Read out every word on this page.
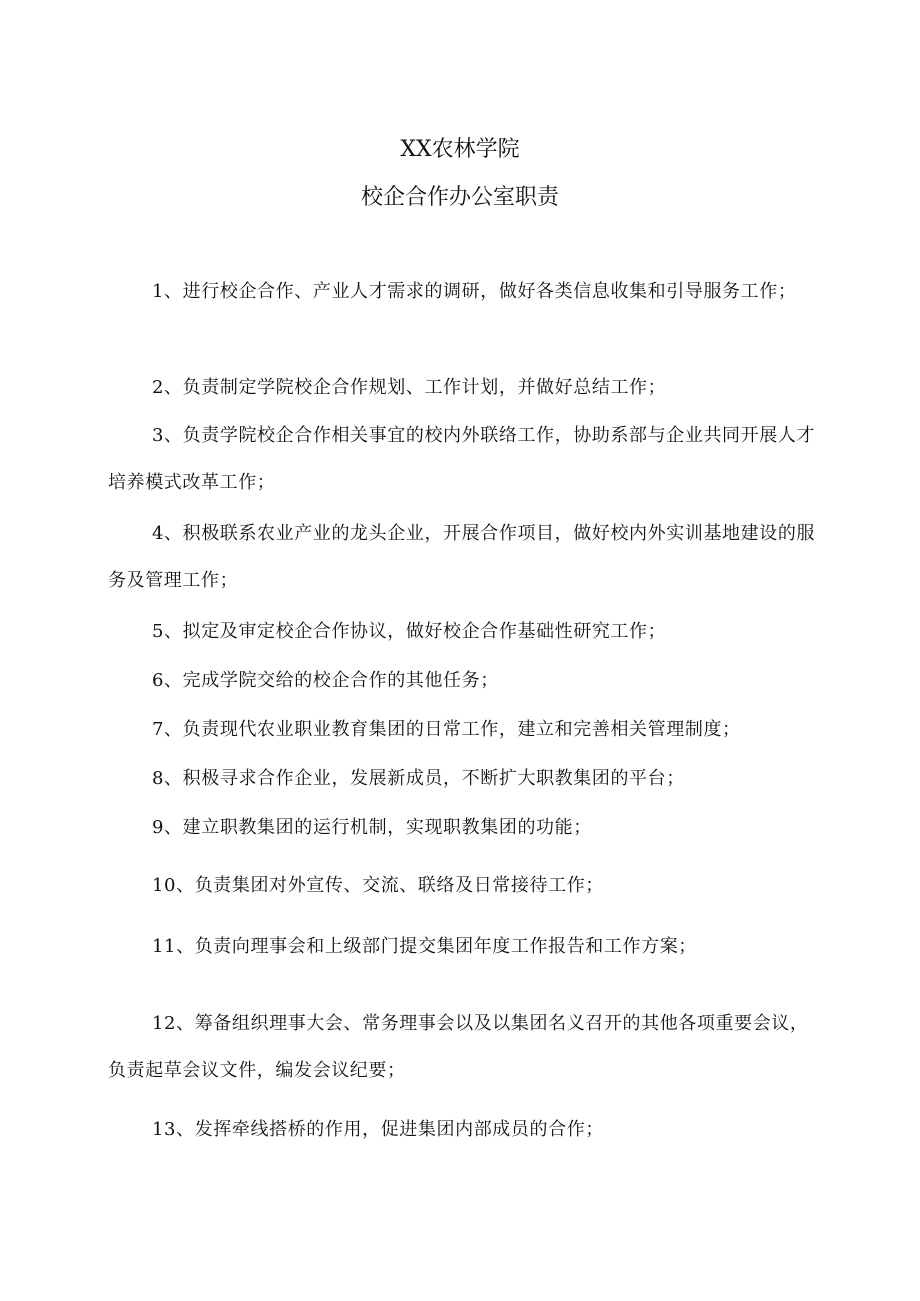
XX农林学院
校企合作办公室职责
1、进行校企合作、产业人才需求的调研，做好各类信息收集和引导服务工作；
2、负责制定学院校企合作规划、工作计划，并做好总结工作；
3、负责学院校企合作相关事宜的校内外联络工作，协助系部与企业共同开展人才培养模式改革工作；
4、积极联系农业产业的龙头企业，开展合作项目，做好校内外实训基地建设的服务及管理工作；
5、拟定及审定校企合作协议，做好校企合作基础性研究工作；
6、完成学院交给的校企合作的其他任务；
7、负责现代农业职业教育集团的日常工作，建立和完善相关管理制度；
8、积极寻求合作企业，发展新成员，不断扩大职教集团的平台；
9、建立职教集团的运行机制，实现职教集团的功能；
10、负责集团对外宣传、交流、联络及日常接待工作；
11、负责向理事会和上级部门提交集团年度工作报告和工作方案；
12、筹备组织理事大会、常务理事会以及以集团名义召开的其他各项重要会议，负责起草会议文件，编发会议纪要；
13、发挥牵线搭桥的作用，促进集团内部成员的合作；
